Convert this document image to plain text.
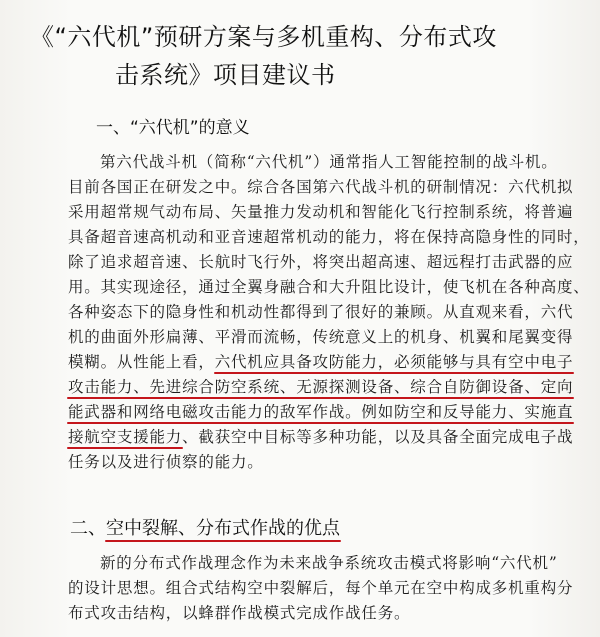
《“六代机”预研方案与多机重构、分布式攻
击系统》项目建议书
一、“六代机”的意义
第六代战斗机（简称“六代机”）通常指人工智能控制的战斗机。
目前各国正在研发之中。综合各国第六代战斗机的研制情况：六代机拟
采用超常规气动布局、矢量推力发动机和智能化飞行控制系统，将普遍
具备超音速高机动和亚音速超常机动的能力，将在保持高隐身性的同时，
除了追求超音速、长航时飞行外，将突出超高速、超远程打击武器的应
用。其实现途径，通过全翼身融合和大升阻比设计，使飞机在各种高度、
各种姿态下的隐身性和机动性都得到了很好的兼顾。从直观来看，六代
机的曲面外形扁薄、平滑而流畅，传统意义上的机身、机翼和尾翼变得
模糊。从性能上看，六代机应具备攻防能力，必须能够与具有空中电子
攻击能力、先进综合防空系统、无源探测设备、综合自防御设备、定向
能武器和网络电磁攻击能力的敌军作战。例如防空和反导能力、实施直
接航空支援能力、截获空中目标等多种功能，以及具备全面完成电子战
任务以及进行侦察的能力。
二、空中裂解、分布式作战的优点
新的分布式作战理念作为未来战争系统攻击模式将影响“六代机”
的设计思想。组合式结构空中裂解后，每个单元在空中构成多机重构分
布式攻击结构，以蜂群作战模式完成作战任务。
